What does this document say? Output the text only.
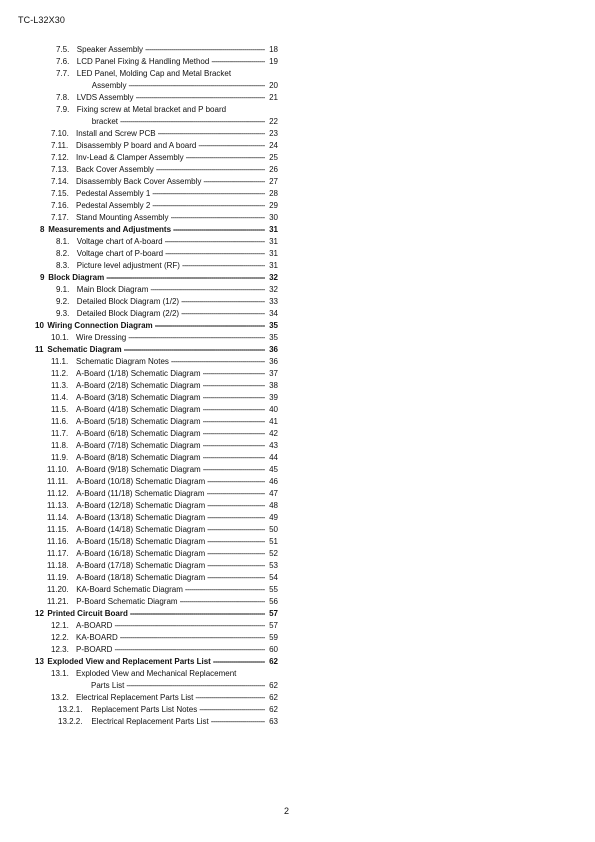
TC-L32X30
7.5. Speaker Assembly - - -	18
7.6. LCD Panel Fixing & Handling Method - - -	19
7.7. LED Panel, Molding Cap and Metal Bracket
Assembly - - -	20
7.8. LVDS Assembly - - -	21
7.9. Fixing screw at Metal bracket and P board
bracket - - -	22
7.10. Install and Screw PCB - - -	23
7.11. Disassembly P board and A board - - -	24
7.12. Inv-Lead & Clamper Assembly - - -	25
7.13. Back Cover Assembly - - -	26
7.14. Disassembly Back Cover Assembly - - -	27
7.15. Pedestal Assembly 1 - - -	28
7.16. Pedestal Assembly 2 - - -	29
7.17. Stand Mounting Assembly - - -	30
8 Measurements and Adjustments - - -	31
8.1. Voltage chart of A-board - - -	31
8.2. Voltage chart of P-board - - -	31
8.3. Picture level adjustment (RF) - - -	31
9 Block Diagram - - -	32
9.1. Main Block Diagram - - -	32
9.2. Detailed Block Diagram (1/2) - - -	33
9.3. Detailed Block Diagram (2/2) - - -	34
10 Wiring Connection Diagram - - -	35
10.1. Wire Dressing - - -	35
11 Schematic Diagram - - -	36
11.1. Schematic Diagram Notes - - -	36
11.2. A-Board (1/18) Schematic Diagram - - -	37
11.3. A-Board (2/18) Schematic Diagram - - -	38
11.4. A-Board (3/18) Schematic Diagram - - -	39
11.5. A-Board (4/18) Schematic Diagram - - -	40
11.6. A-Board (5/18) Schematic Diagram - - -	41
11.7. A-Board (6/18) Schematic Diagram - - -	42
11.8. A-Board (7/18) Schematic Diagram - - -	43
11.9. A-Board (8/18) Schematic Diagram - - -	44
11.10. A-Board (9/18) Schematic Diagram - - -	45
11.11. A-Board (10/18) Schematic Diagram - - -	46
11.12. A-Board (11/18) Schematic Diagram - - -	47
11.13. A-Board (12/18) Schematic Diagram - - -	48
11.14. A-Board (13/18) Schematic Diagram - - -	49
11.15. A-Board (14/18) Schematic Diagram - - -	50
11.16. A-Board (15/18) Schematic Diagram - - -	51
11.17. A-Board (16/18) Schematic Diagram - - -	52
11.18. A-Board (17/18) Schematic Diagram - - -	53
11.19. A-Board (18/18) Schematic Diagram - - -	54
11.20. KA-Board Schematic Diagram - - -	55
11.21. P-Board Schematic Diagram - - -	56
12 Printed Circuit Board - - -	57
12.1. A-BOARD - - -	57
12.2. KA-BOARD - - -	59
12.3. P-BOARD - - -	60
13 Exploded View and Replacement Parts List - - -	62
13.1. Exploded View and Mechanical Replacement
Parts List - - -	62
13.2. Electrical Replacement Parts List - - -	62
13.2.1. Replacement Parts List Notes - - -	62
13.2.2. Electrical Replacement Parts List - - -	63
2
